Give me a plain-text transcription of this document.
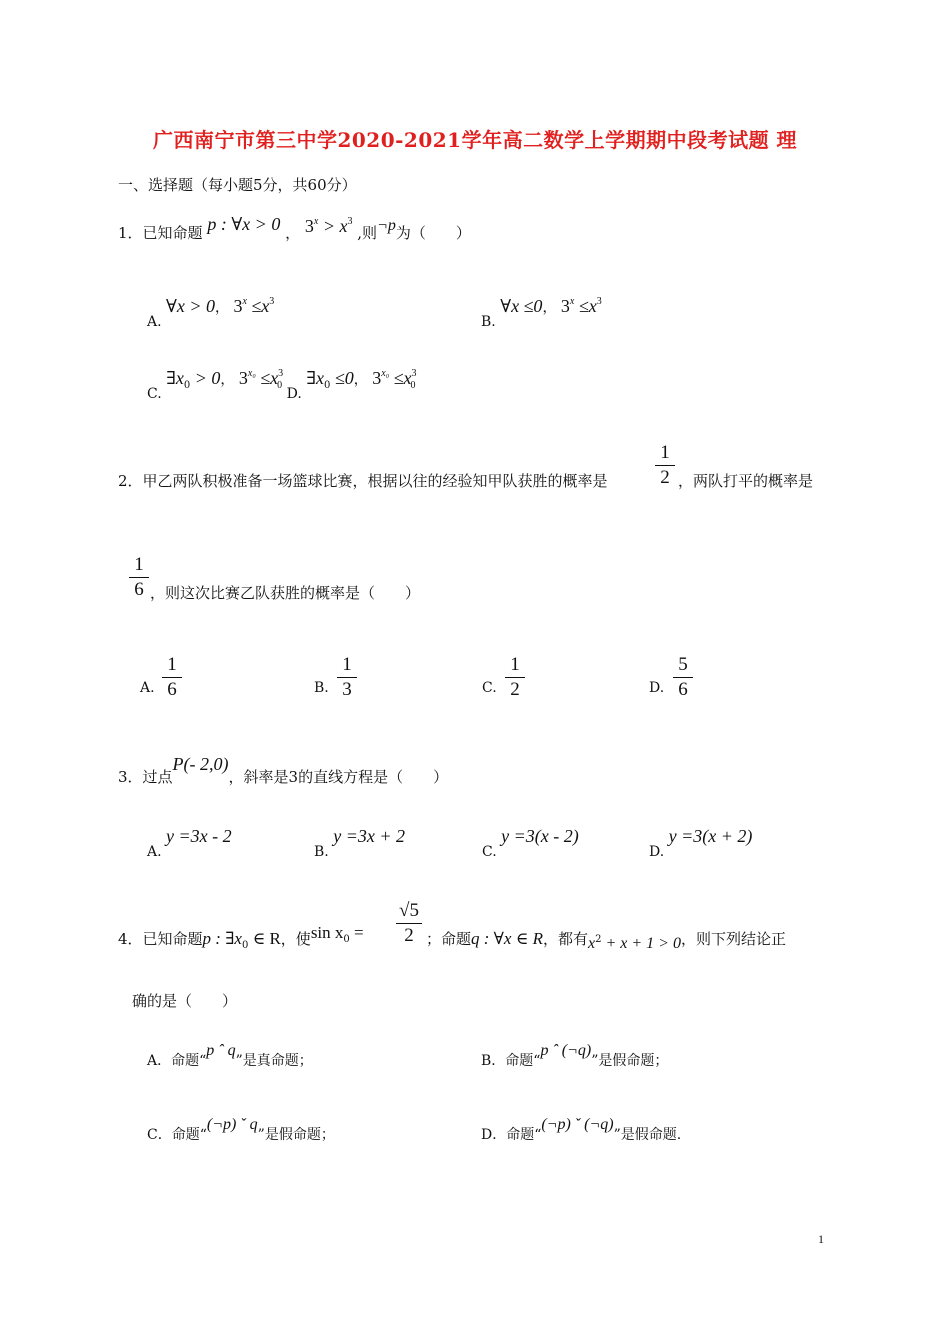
广西南宁市第三中学2020-2021学年高二数学上学期期中段考试题 理
一、选择题（每小题5分，共60分）
1．已知命题 p : ∀x > 0 ， $3^x > x^3$ ,则¬p为（　　）
A. ∀x > 0， $3^x \le x^3$
B. ∀x ≤0， $3^x \le x^3$
C. $\exists x_0 > 0$， $3^{x_0} \le x^3_0$ D. $\exists x_0 \le 0$， $3^{x_0} \le x^3_0$
2．甲乙两队积极准备一场篮球比赛，根据以往的经验知甲队获胜的概率是
1
2 ，两队打平的概率是
1
6 ，则这次比赛乙队获胜的概率是（　　）
A.
1
6	B.
1
3	C.
1
2	D.
5
6
3．过点P(- 2,0)，斜率是3的直线方程是（　　）
A. y =3x - 2
B. y =3x + 2
C. y =3(x - 2)
D. y =3(x + 2)
4．已知命题p : $\exists x_0$ ∈ R，使sin x0 =
√5
2 ；命题q : ∀x ∈ R，都有x2 + x + 1 > 0，则下列结论正
确的是（　　）
A．命题“p ˆ q”是真命题；	B．命题“p ˆ (¬q)”是假命题；
C．命题“(¬p) ˇ q”是假命题；	D．命题“(¬p) ˇ (¬q)”是假命题.
1
